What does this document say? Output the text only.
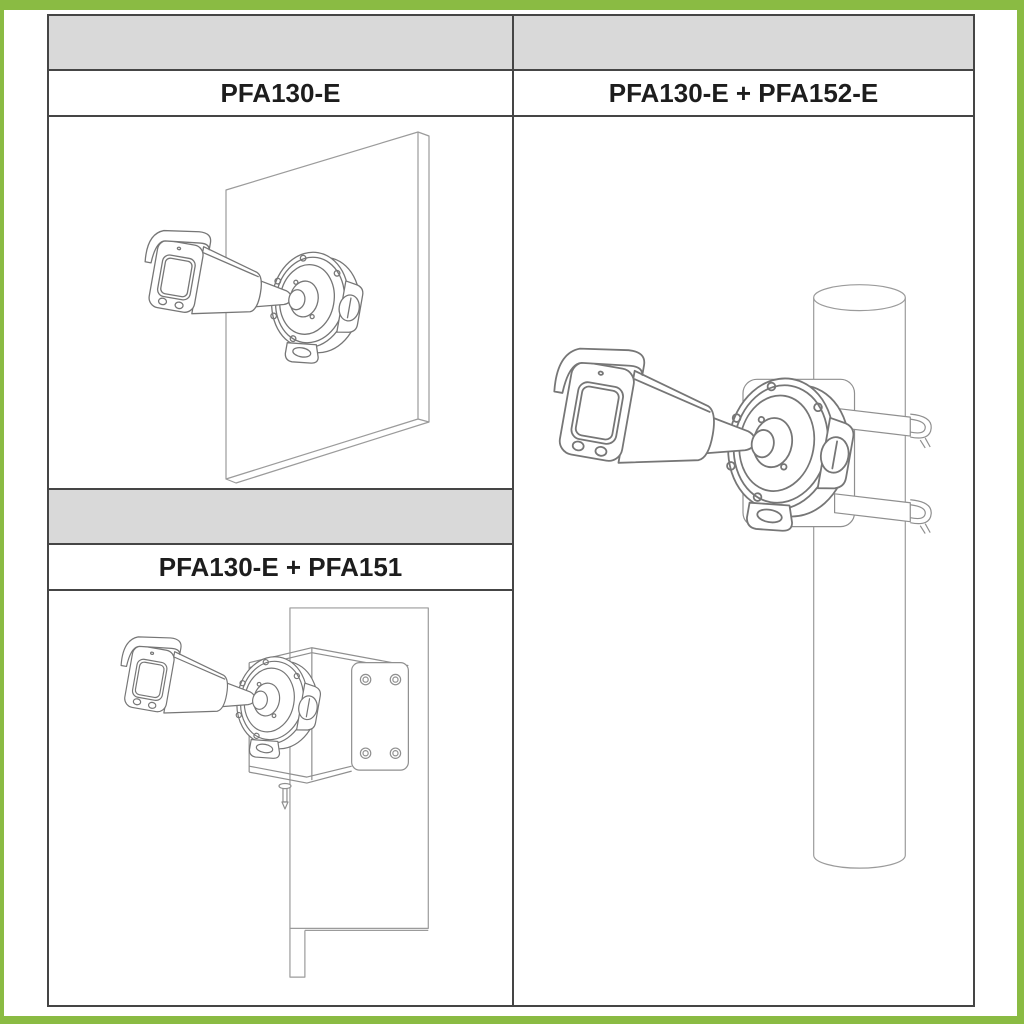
PFA130-E
PFA130-E + PFA151
PFA130-E + PFA152-E
